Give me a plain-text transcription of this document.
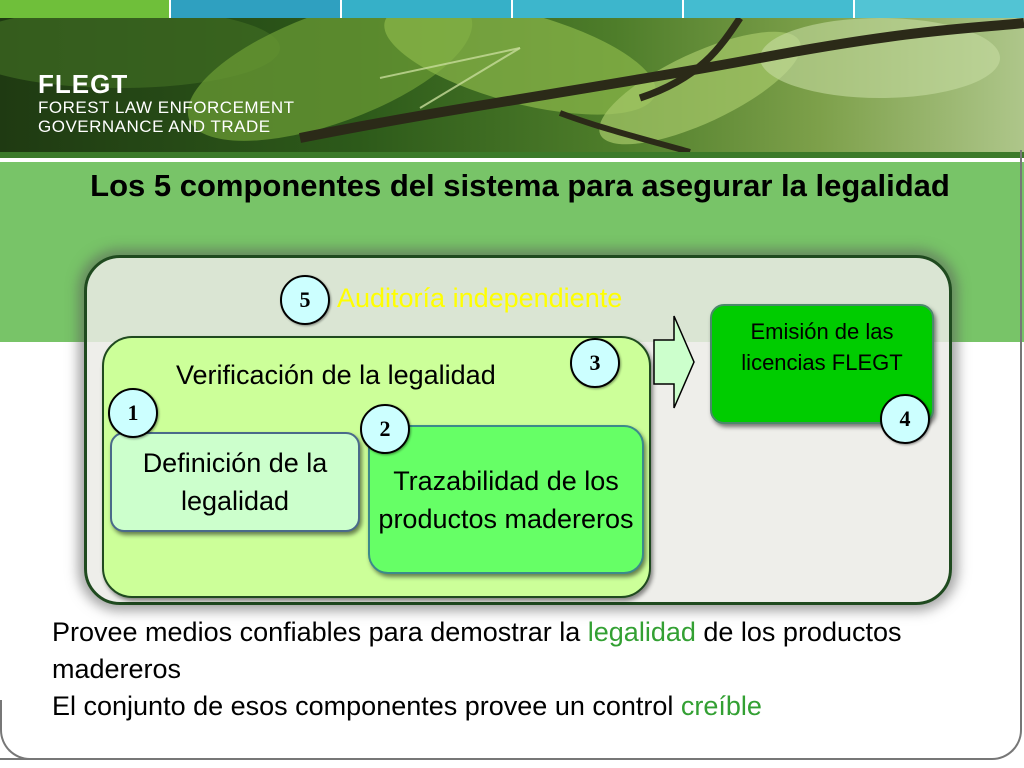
FLEGT
FOREST LAW ENFORCEMENT
GOVERNANCE AND TRADE
Los 5 componentes del sistema para asegurar la legalidad
Auditoría independiente
5
Verificación de la legalidad	3
Definición de la legalidad
1
Trazabilidad de los productos madereros
2
Emisión de las licencias FLEGT
4
Provee medios confiables para demostrar la legalidad de los productos madereros
El conjunto de esos componentes provee un control creíble
